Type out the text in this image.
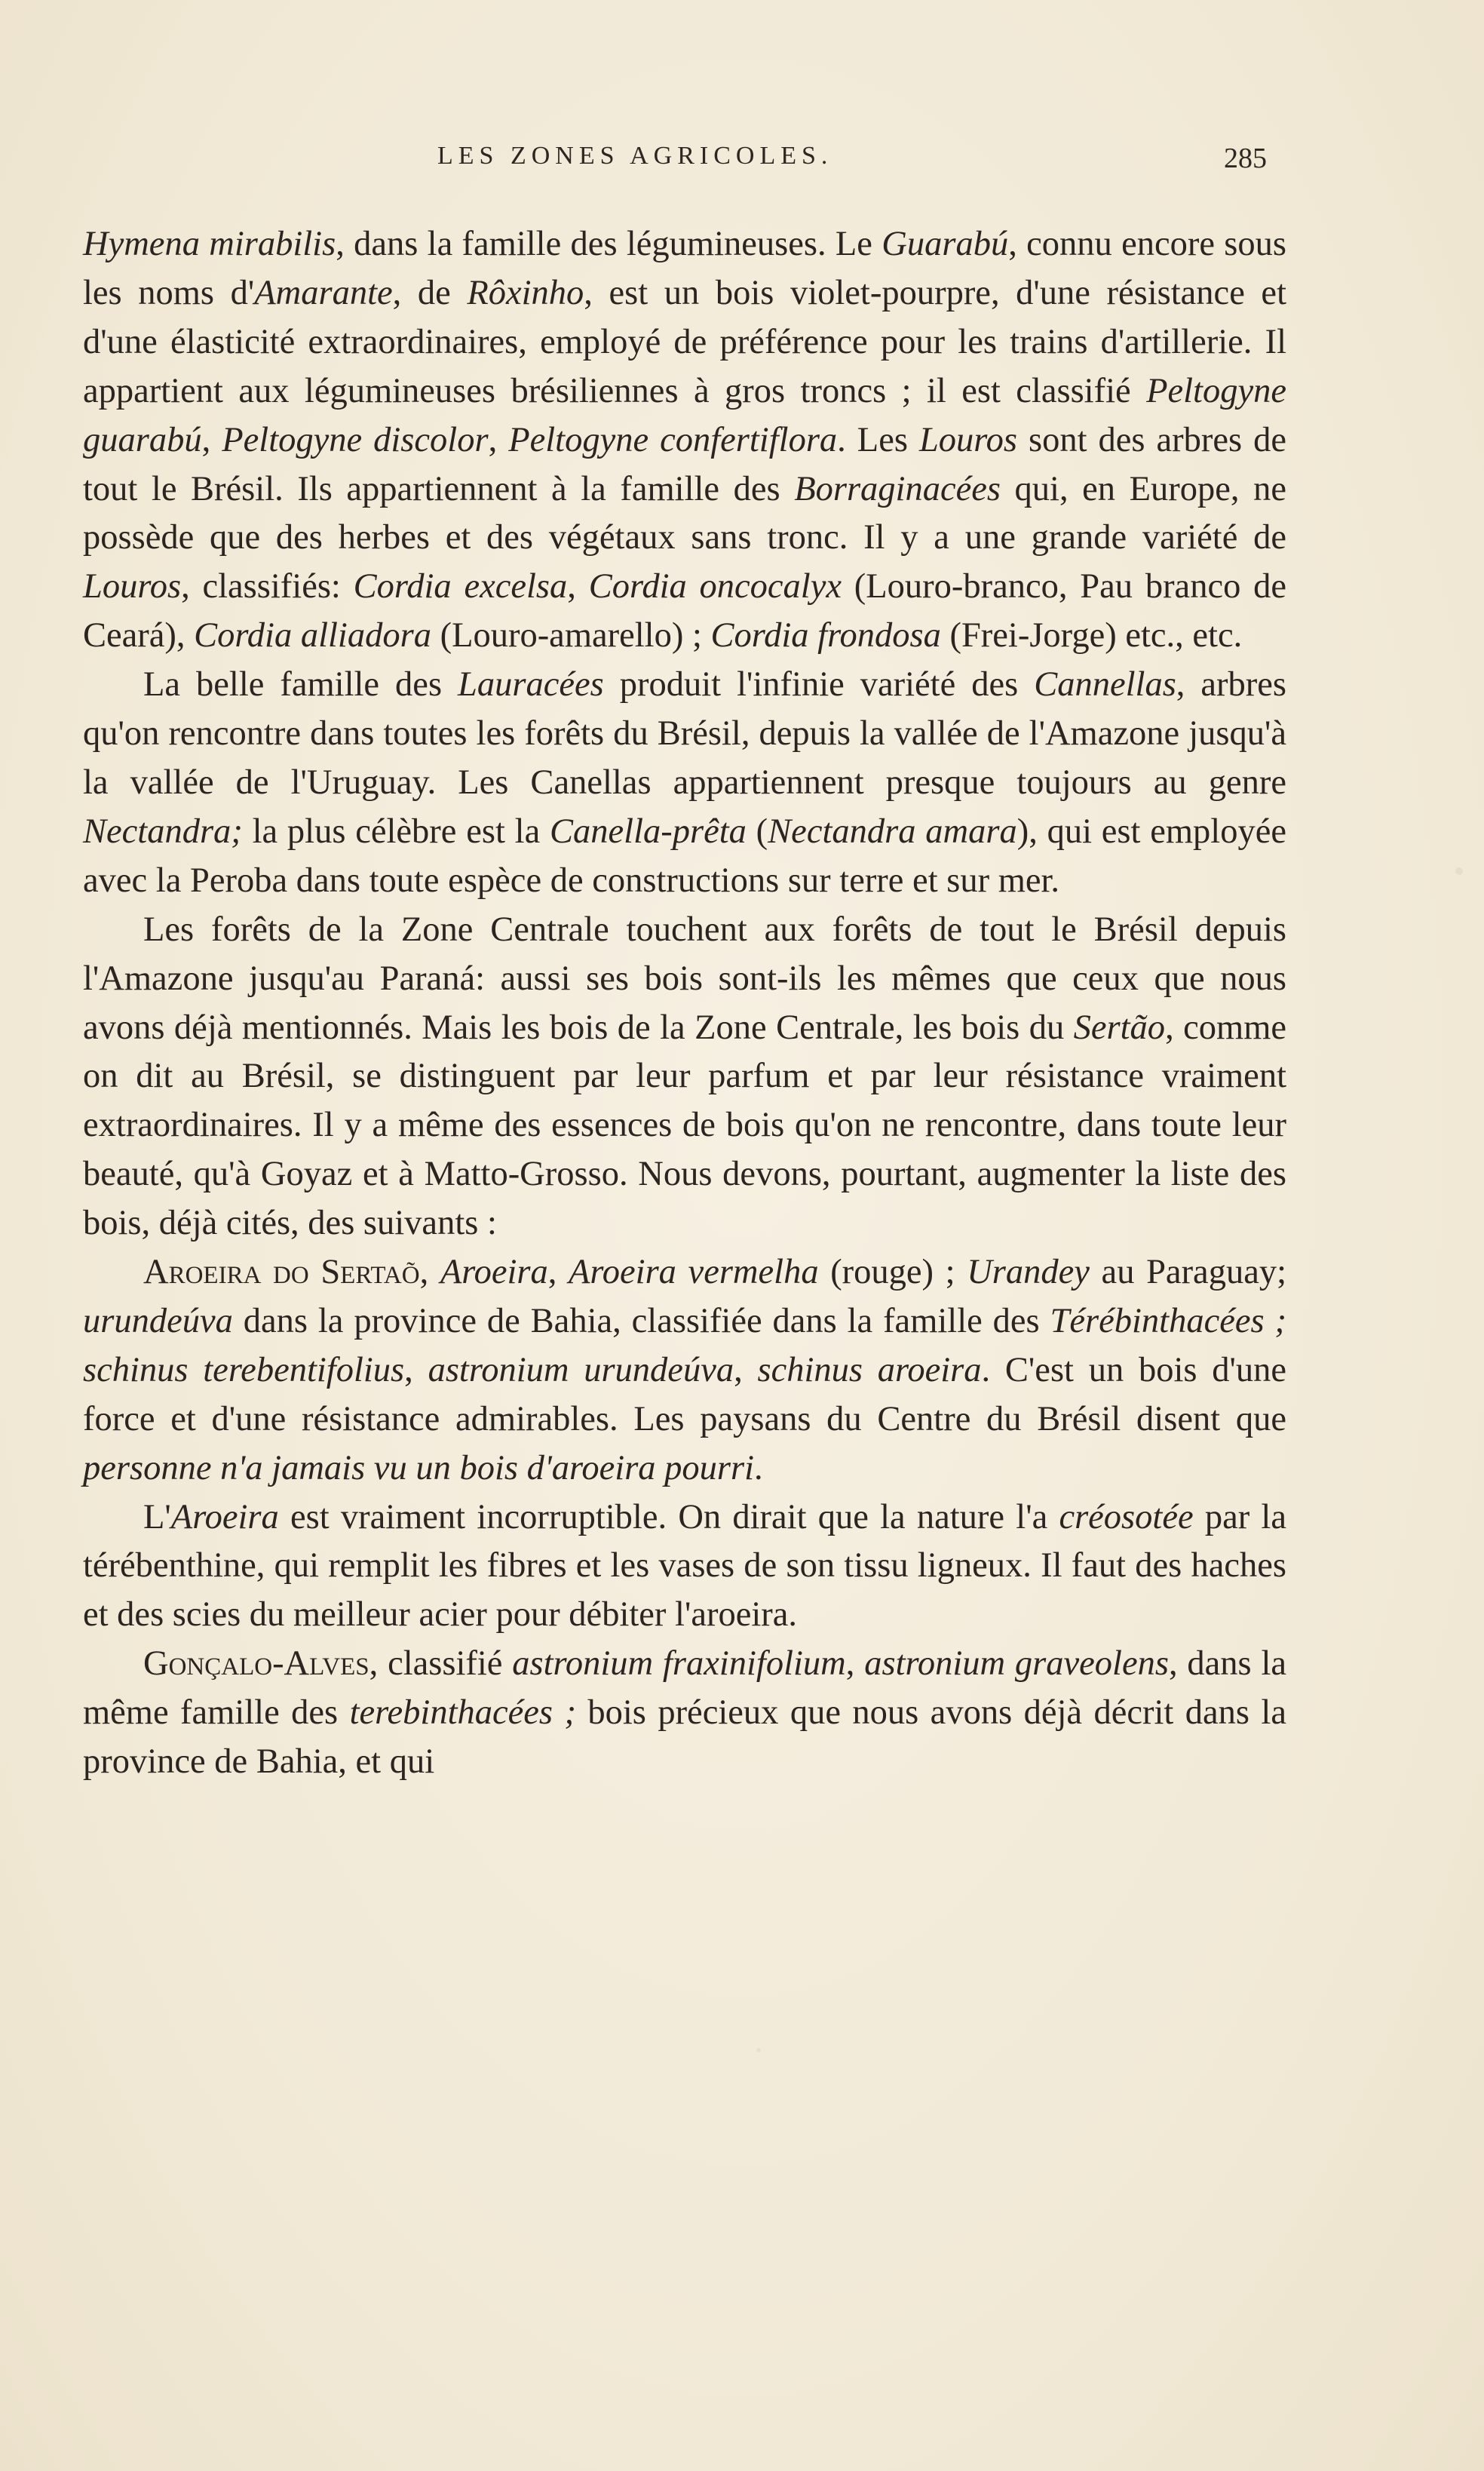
LES ZONES AGRICOLES.	285

Hymena mirabilis, dans la famille des légumineuses. Le Guarabú, connu encore sous les noms d'Amarante, de Rôxinho, est un bois violet-pourpre, d'une résistance et d'une élasticité extraordinaires, employé de préférence pour les trains d'artillerie. Il appartient aux légumineuses brésiliennes à gros troncs ; il est classifié Peltogyne guarabú, Peltogyne discolor, Peltogyne confertiflora. Les Louros sont des arbres de tout le Brésil. Ils appartiennent à la famille des Borraginacées qui, en Europe, ne possède que des herbes et des végétaux sans tronc. Il y a une grande variété de Louros, classifiés: Cordia excelsa, Cordia oncocalyx (Louro-branco, Pau branco de Ceará), Cordia alliadora (Louro-amarello) ; Cordia frondosa (Frei-Jorge) etc., etc.

La belle famille des Lauracées produit l'infinie variété des Cannellas, arbres qu'on rencontre dans toutes les forêts du Brésil, depuis la vallée de l'Amazone jusqu'à la vallée de l'Uruguay. Les Canellas appartiennent presque toujours au genre Nectandra; la plus célèbre est la Canella-prêta (Nectandra amara), qui est employée avec la Peroba dans toute espèce de constructions sur terre et sur mer.

Les forêts de la Zone Centrale touchent aux forêts de tout le Brésil depuis l'Amazone jusqu'au Paraná: aussi ses bois sont-ils les mêmes que ceux que nous avons déjà mentionnés. Mais les bois de la Zone Centrale, les bois du Sertão, comme on dit au Brésil, se distinguent par leur parfum et par leur résistance vraiment extraordinaires. Il y a même des essences de bois qu'on ne rencontre, dans toute leur beauté, qu'à Goyaz et à Matto-Grosso. Nous devons, pourtant, augmenter la liste des bois, déjà cités, des suivants :

Aroeira do Sertaõ, Aroeira, Aroeira vermelha (rouge) ; Urandey au Paraguay; urundeúva dans la province de Bahia, classifiée dans la famille des Térébinthacées ; schinus terebentifolius, astronium urundeúva, schinus aroeira. C'est un bois d'une force et d'une résistance admirables. Les paysans du Centre du Brésil disent que personne n'a jamais vu un bois d'aroeira pourri.

L'Aroeira est vraiment incorruptible. On dirait que la nature l'a créosotée par la térébenthine, qui remplit les fibres et les vases de son tissu ligneux. Il faut des haches et des scies du meilleur acier pour débiter l'aroeira.

Gonçalo-Alves, classifié astronium fraxinifolium, astronium graveolens, dans la même famille des terebinthacées ; bois précieux que nous avons déjà décrit dans la province de Bahia, et qui
